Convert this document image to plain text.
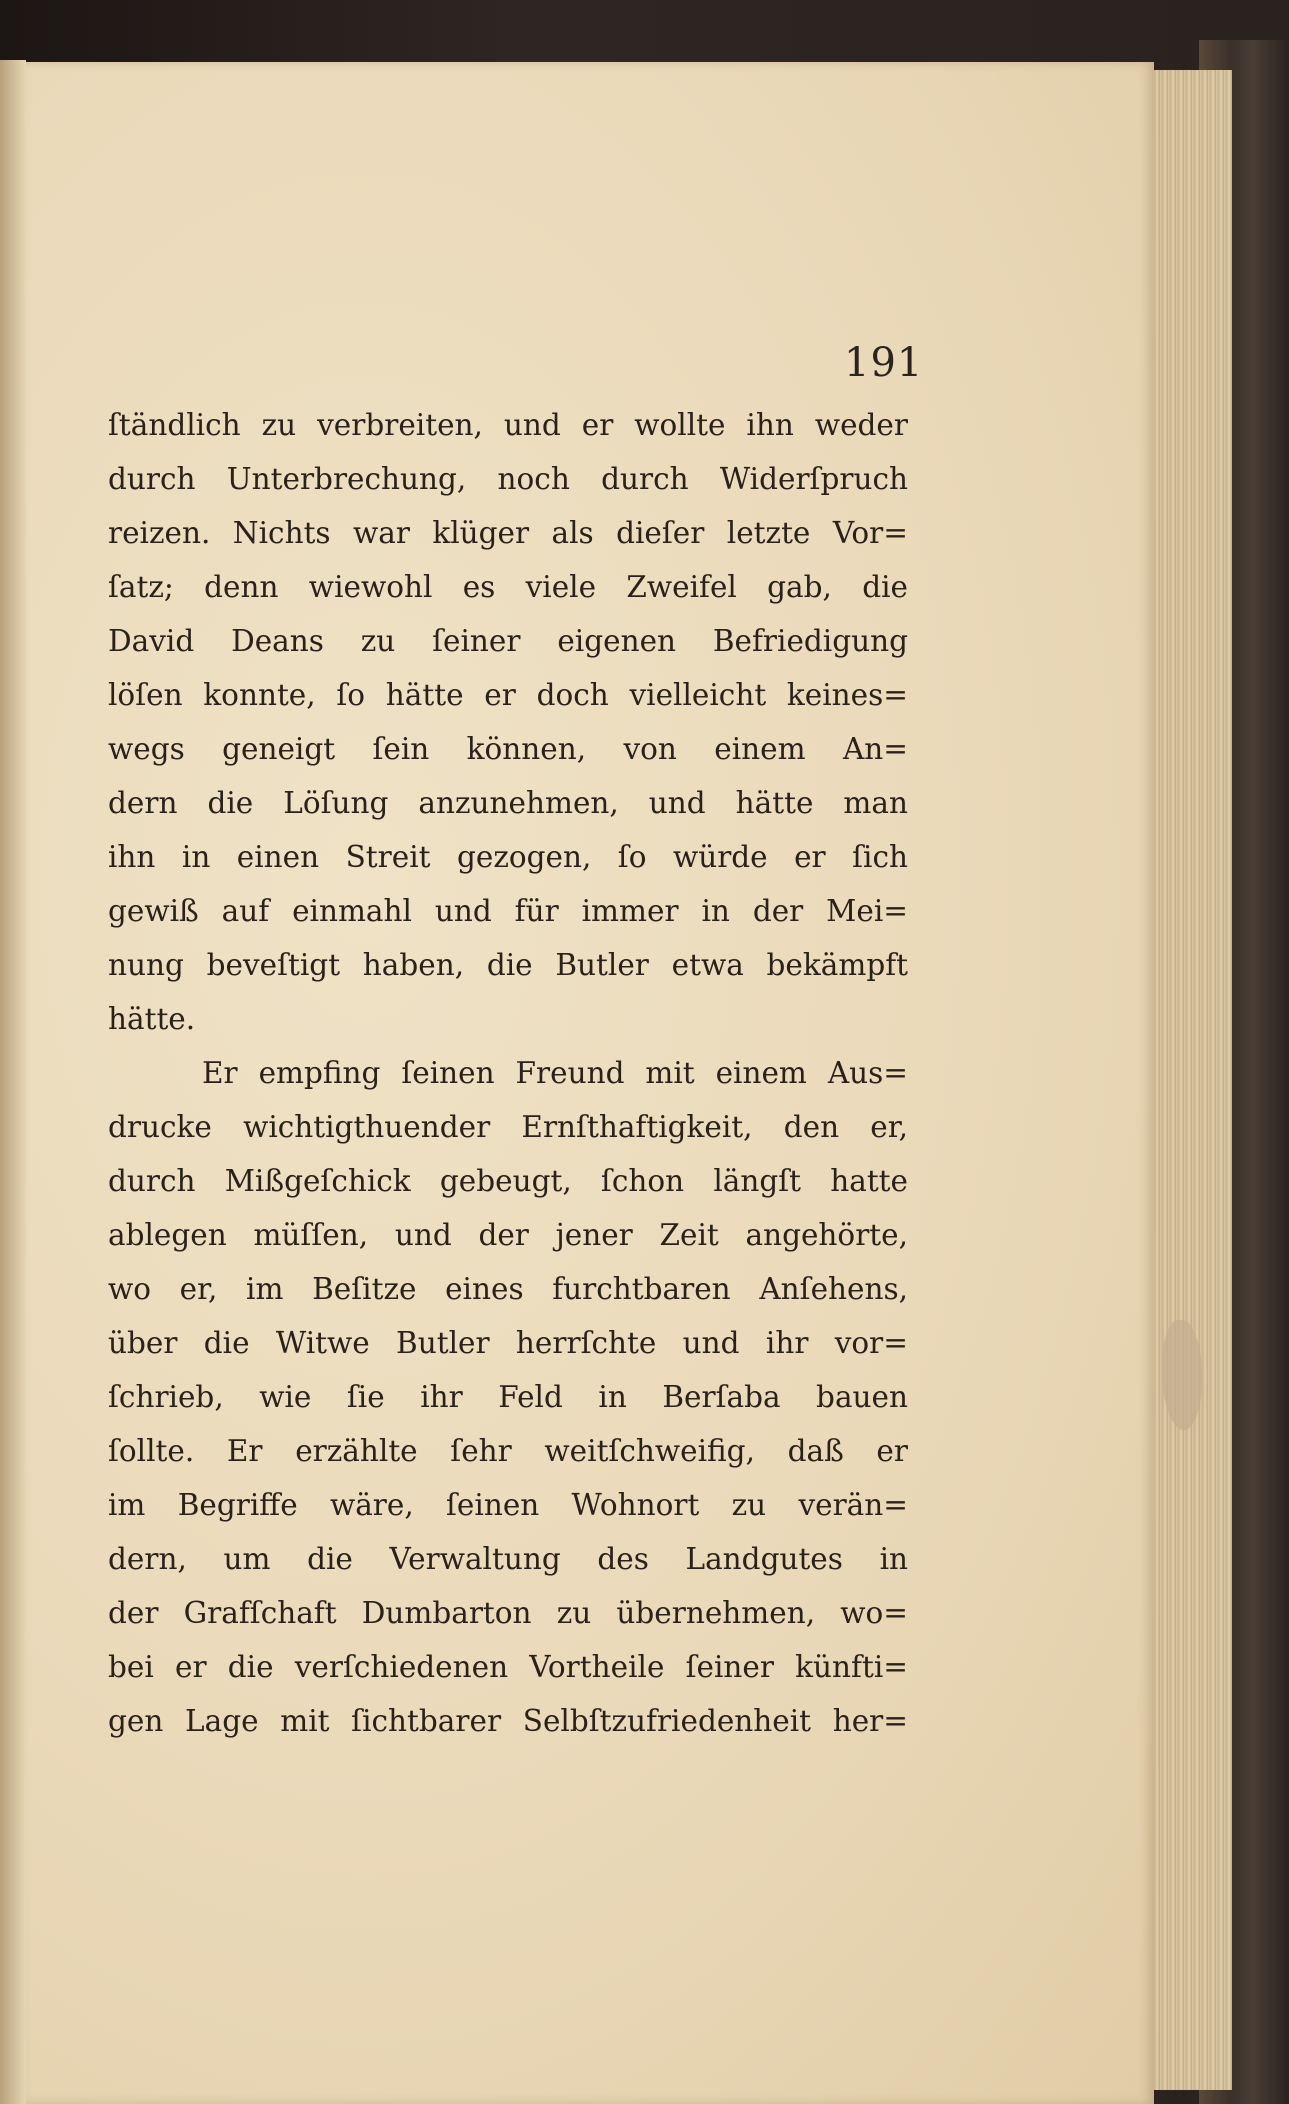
191
ſtändlich zu verbreiten, und er wollte ihn weder
durch Unterbrechung, noch durch Widerſpruch
reizen. Nichts war klüger als dieſer letzte Vor=
ſatz; denn wiewohl es viele Zweifel gab, die
David Deans zu ſeiner eigenen Befriedigung
löſen konnte, ſo hätte er doch vielleicht keines=
wegs geneigt ſein können, von einem An=
dern die Löſung anzunehmen, und hätte man
ihn in einen Streit gezogen, ſo würde er ſich
gewiß auf einmahl und für immer in der Mei=
nung beveſtigt haben, die Butler etwa bekämpft
hätte.
Er empfing ſeinen Freund mit einem Aus=
drucke wichtigthuender Ernſthaftigkeit, den er,
durch Mißgeſchick gebeugt, ſchon längſt hatte
ablegen müſſen, und der jener Zeit angehörte,
wo er, im Beſitze eines furchtbaren Anſehens,
über die Witwe Butler herrſchte und ihr vor=
ſchrieb, wie ſie ihr Feld in Berſaba bauen
ſollte. Er erzählte ſehr weitſchweifig, daß er
im Begriffe wäre, ſeinen Wohnort zu verän=
dern, um die Verwaltung des Landgutes in
der Grafſchaft Dumbarton zu übernehmen, wo=
bei er die verſchiedenen Vortheile ſeiner künfti=
gen Lage mit ſichtbarer Selbſtzufriedenheit her=
